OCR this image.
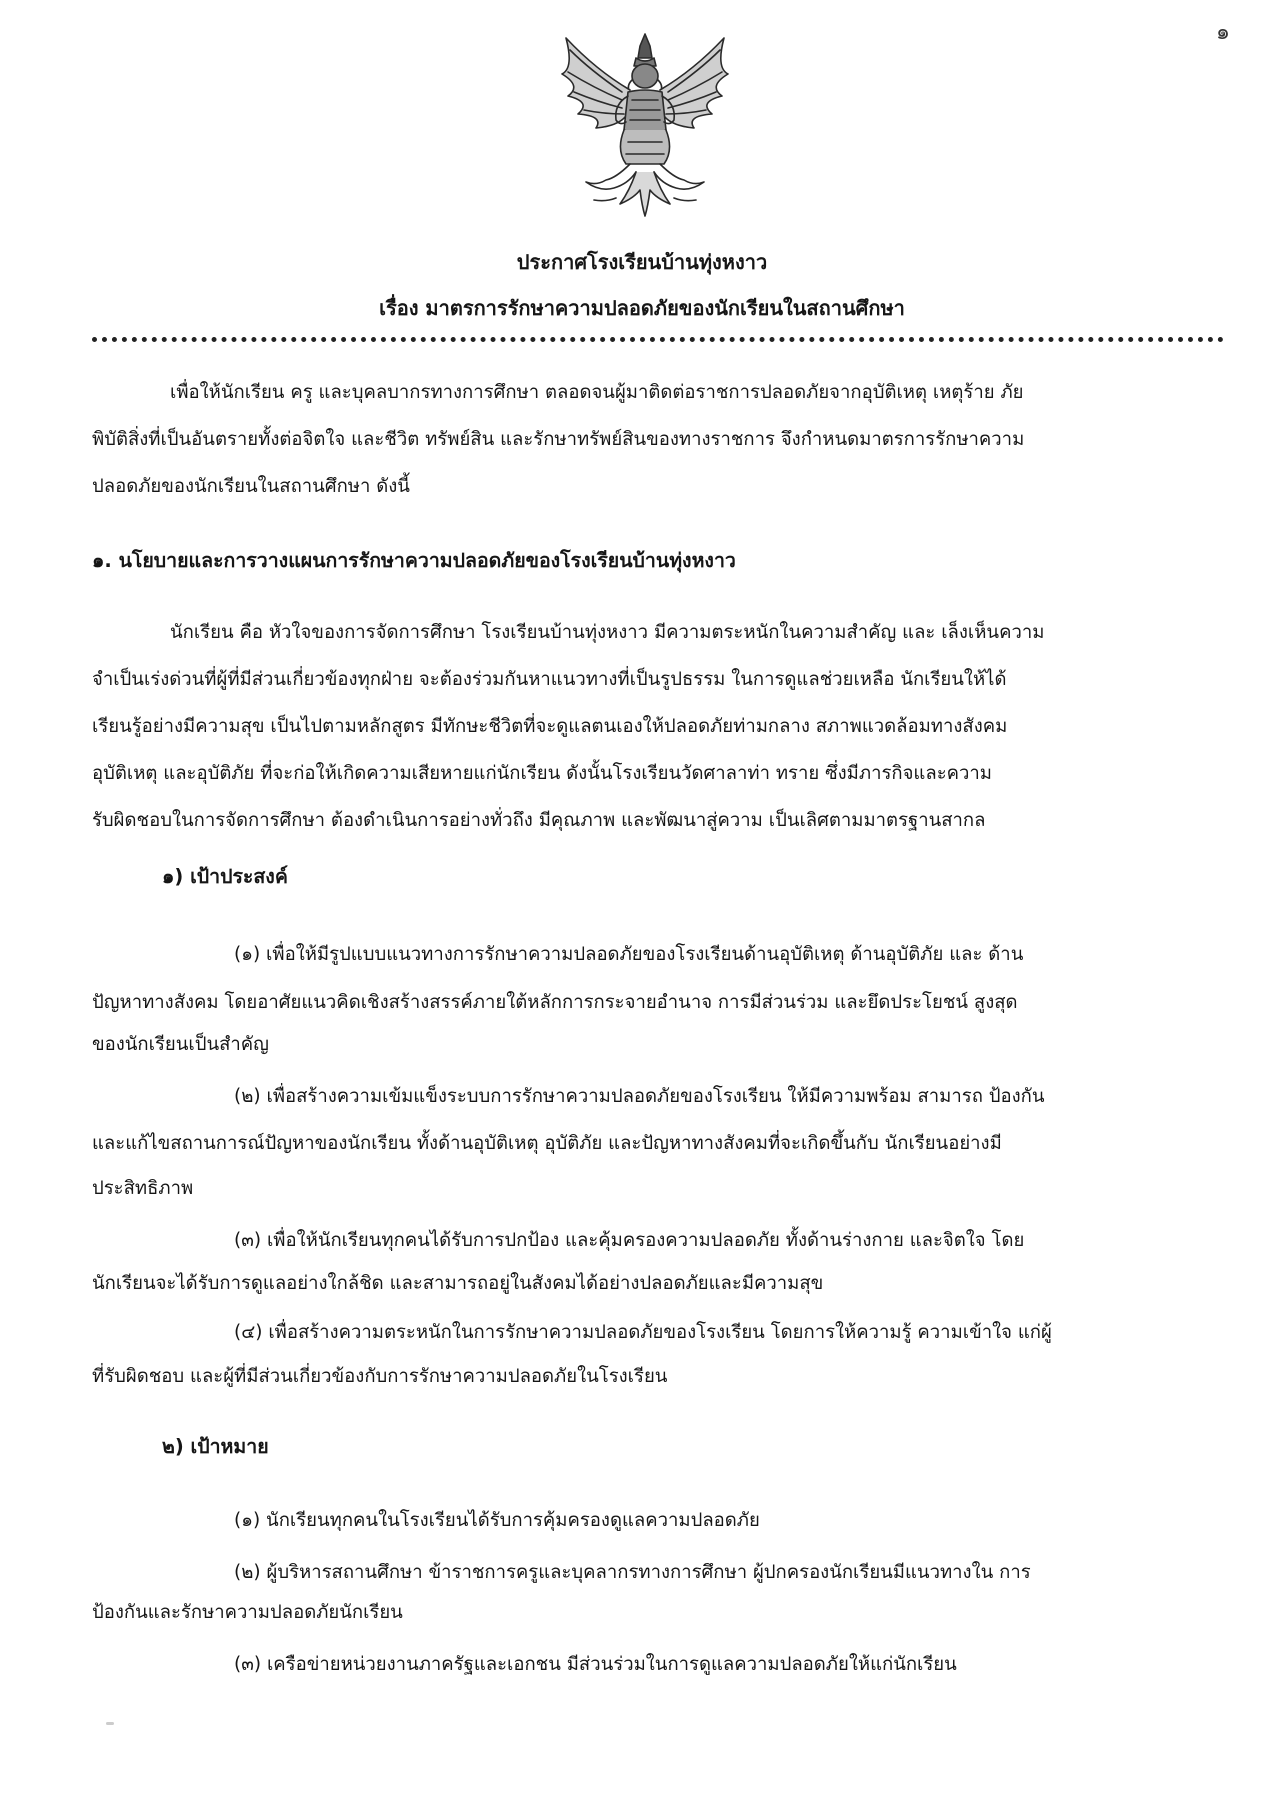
๑
ประกาศโรงเรียนบ้านทุ่งหงาว
เรื่อง มาตรการรักษาความปลอดภัยของนักเรียนในสถานศึกษา
เพื่อให้นักเรียน ครู และบุคลบากรทางการศึกษา ตลอดจนผู้มาติดต่อราชการปลอดภัยจากอุบัติเหตุ เหตุร้าย ภัย
พิบัติสิ่งที่เป็นอันตรายทั้งต่อจิตใจ และชีวิต ทรัพย์สิน และรักษาทรัพย์สินของทางราชการ จึงกำหนดมาตรการรักษาความ
ปลอดภัยของนักเรียนในสถานศึกษา ดังนี้
๑. นโยบายและการวางแผนการรักษาความปลอดภัยของโรงเรียนบ้านทุ่งหงาว
นักเรียน คือ หัวใจของการจัดการศึกษา โรงเรียนบ้านทุ่งหงาว มีความตระหนักในความสำคัญ และ เล็งเห็นความ
จำเป็นเร่งด่วนที่ผู้ที่มีส่วนเกี่ยวข้องทุกฝ่าย จะต้องร่วมกันหาแนวทางที่เป็นรูปธรรม ในการดูแลช่วยเหลือ นักเรียนให้ได้
เรียนรู้อย่างมีความสุข เป็นไปตามหลักสูตร มีทักษะชีวิตที่จะดูแลตนเองให้ปลอดภัยท่ามกลาง สภาพแวดล้อมทางสังคม
อุบัติเหตุ และอุบัติภัย ที่จะก่อให้เกิดความเสียหายแก่นักเรียน ดังนั้นโรงเรียนวัดศาลาท่า ทราย ซึ่งมีภารกิจและความ
รับผิดชอบในการจัดการศึกษา ต้องดำเนินการอย่างทั่วถึง มีคุณภาพ และพัฒนาสู่ความ เป็นเลิศตามมาตรฐานสากล
๑) เป้าประสงค์
(๑) เพื่อให้มีรูปแบบแนวทางการรักษาความปลอดภัยของโรงเรียนด้านอุบัติเหตุ ด้านอุบัติภัย และ ด้าน
ปัญหาทางสังคม โดยอาศัยแนวคิดเชิงสร้างสรรค์ภายใต้หลักการกระจายอำนาจ การมีส่วนร่วม และยึดประโยชน์ สูงสุด
ของนักเรียนเป็นสำคัญ
(๒) เพื่อสร้างความเข้มแข็งระบบการรักษาความปลอดภัยของโรงเรียน ให้มีความพร้อม สามารถ ป้องกัน
และแก้ไขสถานการณ์ปัญหาของนักเรียน ทั้งด้านอุบัติเหตุ อุบัติภัย และปัญหาทางสังคมที่จะเกิดขึ้นกับ นักเรียนอย่างมี
ประสิทธิภาพ
(๓) เพื่อให้นักเรียนทุกคนได้รับการปกป้อง และคุ้มครองความปลอดภัย ทั้งด้านร่างกาย และจิตใจ โดย
นักเรียนจะได้รับการดูแลอย่างใกล้ชิด และสามารถอยู่ในสังคมได้อย่างปลอดภัยและมีความสุข
(๔) เพื่อสร้างความตระหนักในการรักษาความปลอดภัยของโรงเรียน โดยการให้ความรู้ ความเข้าใจ แก่ผู้
ที่รับผิดชอบ และผู้ที่มีส่วนเกี่ยวข้องกับการรักษาความปลอดภัยในโรงเรียน
๒) เป้าหมาย
(๑) นักเรียนทุกคนในโรงเรียนได้รับการคุ้มครองดูแลความปลอดภัย
(๒) ผู้บริหารสถานศึกษา ข้าราชการครูและบุคลากรทางการศึกษา ผู้ปกครองนักเรียนมีแนวทางใน การ
ป้องกันและรักษาความปลอดภัยนักเรียน
(๓) เครือข่ายหน่วยงานภาครัฐและเอกชน มีส่วนร่วมในการดูแลความปลอดภัยให้แก่นักเรียน
